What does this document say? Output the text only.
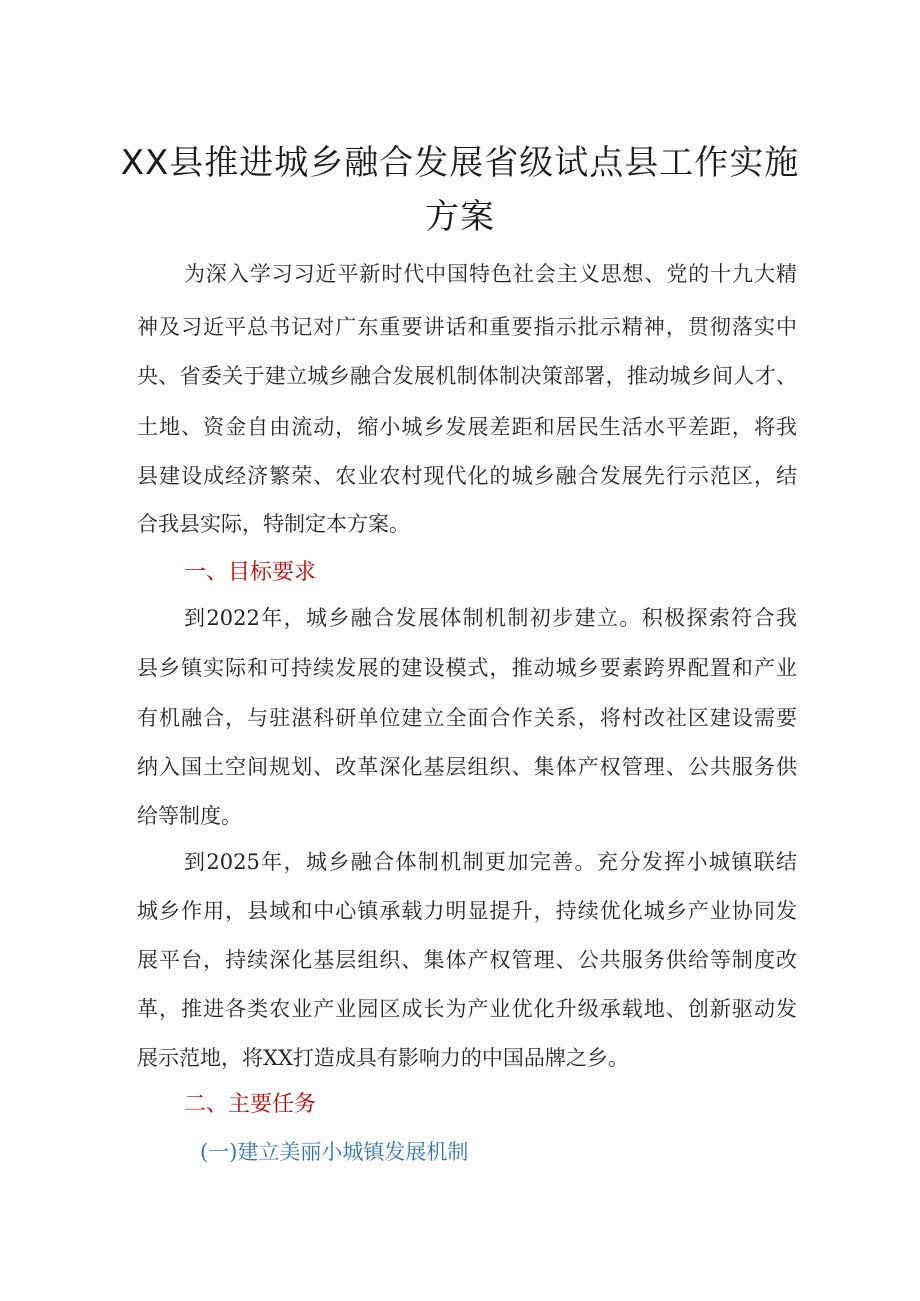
XX县推进城乡融合发展省级试点县工作实施
方案
为深入学习习近平新时代中国特色社会主义思想、党的十九大精
神及习近平总书记对广东重要讲话和重要指示批示精神，贯彻落实中
央、省委关于建立城乡融合发展机制体制决策部署，推动城乡间人才、
土地、资金自由流动，缩小城乡发展差距和居民生活水平差距，将我
县建设成经济繁荣、农业农村现代化的城乡融合发展先行示范区，结
合我县实际，特制定本方案。
一、目标要求
到2022年，城乡融合发展体制机制初步建立。积极探索符合我
县乡镇实际和可持续发展的建设模式，推动城乡要素跨界配置和产业
有机融合，与驻湛科研单位建立全面合作关系，将村改社区建设需要
纳入国土空间规划、改革深化基层组织、集体产权管理、公共服务供
给等制度。
到2025年，城乡融合体制机制更加完善。充分发挥小城镇联结
城乡作用，县域和中心镇承载力明显提升，持续优化城乡产业协同发
展平台，持续深化基层组织、集体产权管理、公共服务供给等制度改
革，推进各类农业产业园区成长为产业优化升级承载地、创新驱动发
展示范地，将XX打造成具有影响力的中国品牌之乡。
二、主要任务
(一)建立美丽小城镇发展机制
